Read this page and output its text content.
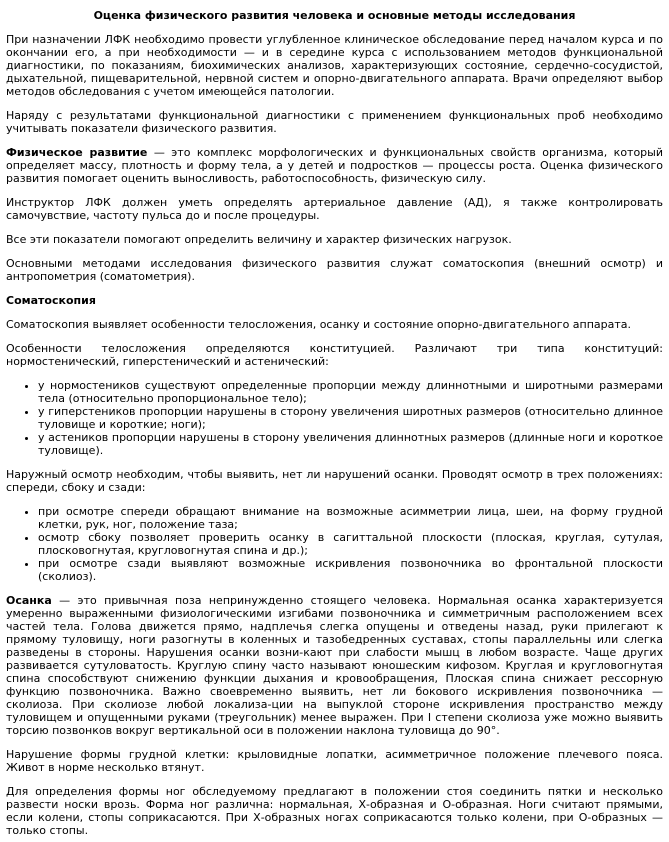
Оценка физического развития человека и основные методы исследования

При назначении ЛФК необходимо провести углубленное клиническое обследование перед началом курса и по окончании его, а при необходимости — и в середине курса с использованием методов функциональной диагностики, по показаниям, биохимических анализов, характеризующих состояние, сердечно-сосудистой, дыхательной, пищеварительной, нервной систем и опорно-двигательного аппарата. Врачи определяют выбор методов обследования с учетом имеющейся патологии.

Наряду с результатами функциональной диагностики с применением функциональных проб необходимо учитывать показатели физического развития.

Физическое развитие — это комплекс морфологических и функциональных свойств организма, который определяет массу, плотность и форму тела, а у детей и подростков — процессы роста. Оценка физического развития помогает оценить выносливость, работоспособность, физическую силу.

Инструктор ЛФК должен уметь определять артериальное давление (АД), я также контролировать самочувствие, частоту пульса до и после процедуры.

Все эти показатели помогают определить величину и характер физических нагрузок.

Основными методами исследования физического развития служат соматоскопия (внешний осмотр) и антропометрия (соматометрия).

Соматоскопия

Соматоскопия выявляет особенности телосложения, осанку и состояние опорно-двигательного аппарата.

Особенности телосложения определяются конституцией. Различают три типа конституций: нормостенический, гиперстенический и астенический:

• у нормостеников существуют определенные пропорции между длиннотными и широтными размерами тела (относительно пропорциональное тело);
• у гиперстеников пропорции нарушены в сторону увеличения широтных размеров (относительно длинное туловище и короткие; ноги);
• у астеников пропорции нарушены в сторону увеличения длиннотных размеров (длинные ноги и короткое туловище).

Наружный осмотр необходим, чтобы выявить, нет ли нарушений осанки. Проводят осмотр в трех положениях: спереди, сбоку и сзади:

• при осмотре спереди обращают внимание на возможные асимметрии лица, шеи, на форму грудной клетки, рук, ног, положение таза;
• осмотр сбоку позволяет проверить осанку в сагиттальной плоскости (плоская, круглая, сутулая, плосковогнутая, кругловогнутая спина и др.);
• при осмотре сзади выявляют возможные искривления позвоночника во фронтальной плоскости (сколиоз).

Осанка — это привычная поза непринужденно стоящего человека. Нормальная осанка характеризуется умеренно выраженными физиологическими изгибами позвоночника и симметричным расположением всех частей тела. Голова движется прямо, надплечья слегка опущены и отведены назад, руки прилегают к прямому туловищу, ноги разогнуты в коленных и тазобедренных суставах, стопы параллельны или слегка разведены в стороны. Нарушения осанки возни-кают при слабости мышц в любом возрасте. Чаще других развивается сутуловатость. Круглую спину часто называют юношеским кифозом. Круглая и кругловогнутая спина способствуют снижению функции дыхания и кровообращения, Плоская спина снижает рессорную функцию позвоночника. Важно своевременно выявить, нет ли бокового искривления позвоночника — сколиоза. При сколиозе любой локализа-ции на выпуклой стороне искривления пространство между туловищем и опущенными руками (треугольник) менее выражен. При I степени сколиоза уже можно выявить торсию позвонков вокруг вертикальной оси в положении наклона туловища до 90°.

Нарушение формы грудной клетки: крыловидные лопатки, асимметричное положение плечевого пояса. Живот в норме несколько втянут.

Для определения формы ног обследуемому предлагают в положении стоя соединить пятки и несколько развести носки врозь. Форма ног различна: нормальная, Х-образная и О-образная. Ноги считают прямыми, если колени, стопы соприкасаются. При Х-образных ногах соприкасаются только колени, при О-образных — только стопы.
